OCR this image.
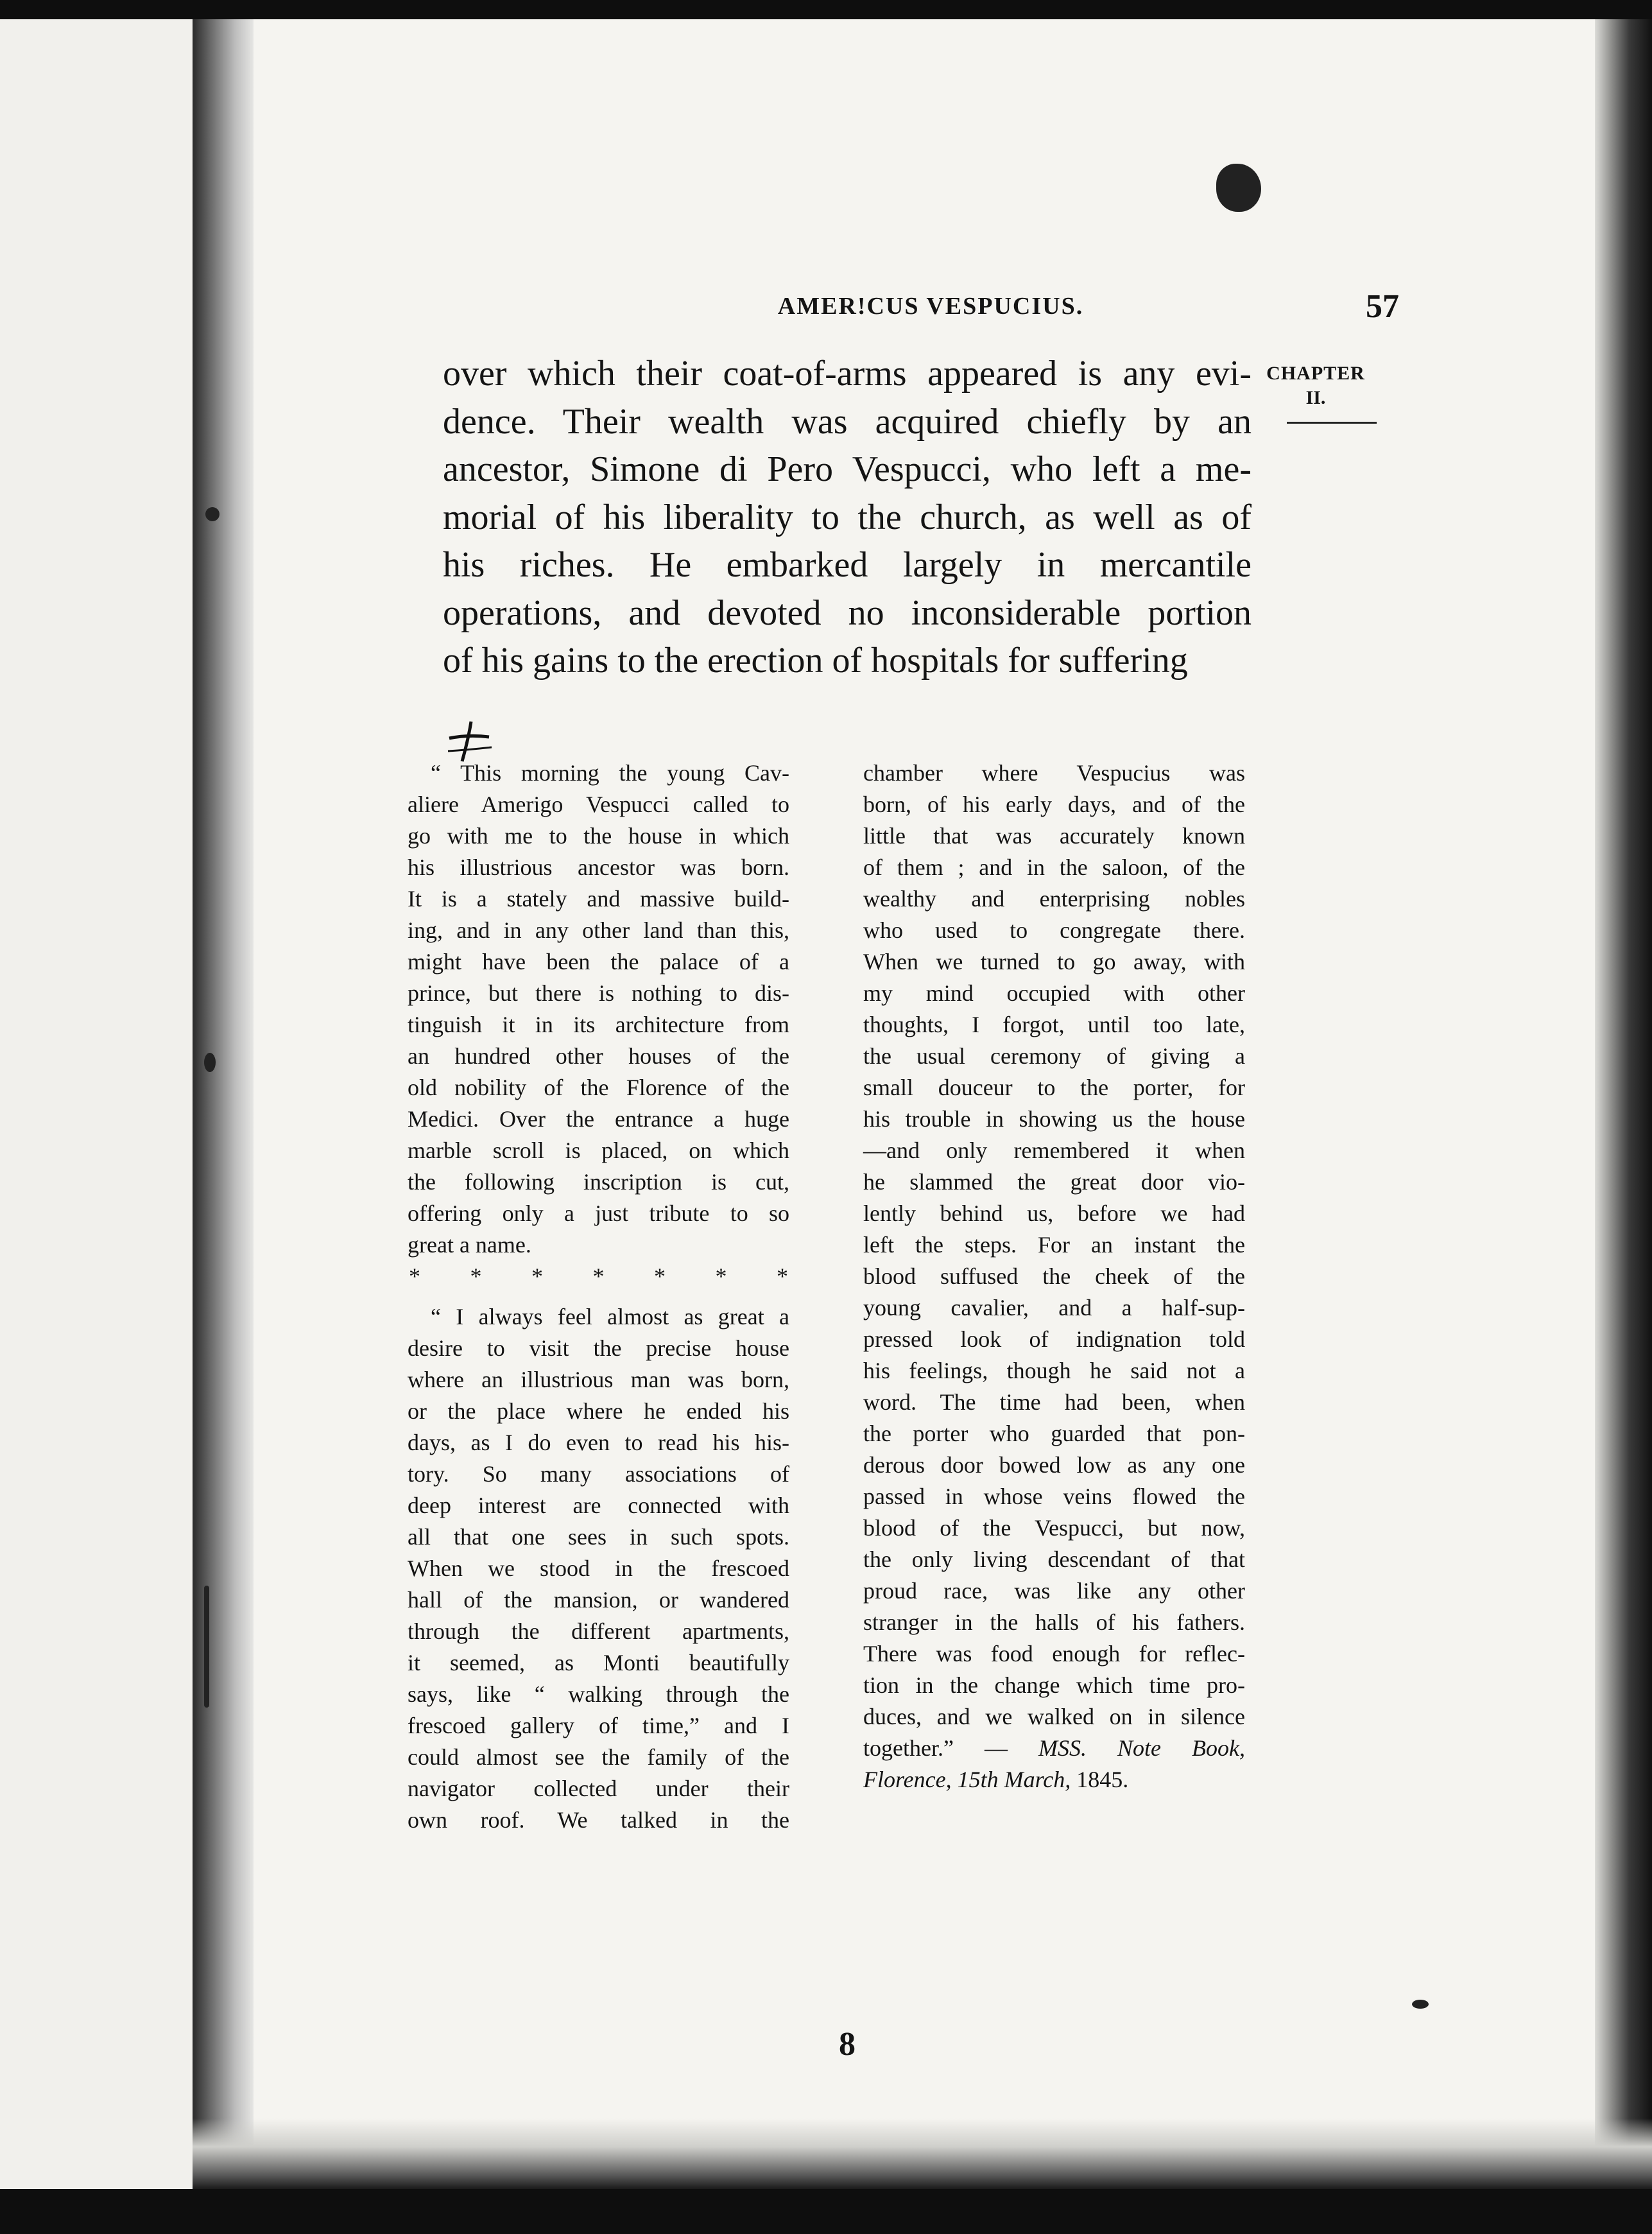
AMER!CUS VESPUCIUS.	57
over which their coat-of-arms appeared is any evi-
dence. Their wealth was acquired chiefly by an
ancestor, Simone di Pero Vespucci, who left a me-
morial of his liberality to the church, as well as of
his riches. He embarked largely in mercantile
operations, and devoted no inconsiderable portion
of his gains to the erection of hospitals for suffering
CHAPTER
II.
“ This morning the young Cav-
aliere Amerigo Vespucci called to
go with me to the house in which
his illustrious ancestor was born.
It is a stately and massive build-
ing, and in any other land than this,
might have been the palace of a
prince, but there is nothing to dis-
tinguish it in its architecture from
an hundred other houses of the
old nobility of the Florence of the
Medici. Over the entrance a huge
marble scroll is placed, on which
the following inscription is cut,
offering only a just tribute to so
great a name.
* * * * * * *
“ I always feel almost as great a
desire to visit the precise house
where an illustrious man was born,
or the place where he ended his
days, as I do even to read his his-
tory. So many associations of
deep interest are connected with
all that one sees in such spots.
When we stood in the frescoed
hall of the mansion, or wandered
through the different apartments,
it seemed, as Monti beautifully
says, like “ walking through the
frescoed gallery of time,” and I
could almost see the family of the
navigator collected under their
own roof. We talked in the
chamber where Vespucius was
born, of his early days, and of the
little that was accurately known
of them ; and in the saloon, of the
wealthy and enterprising nobles
who used to congregate there.
When we turned to go away, with
my mind occupied with other
thoughts, I forgot, until too late,
the usual ceremony of giving a
small douceur to the porter, for
his trouble in showing us the house
—and only remembered it when
he slammed the great door vio-
lently behind us, before we had
left the steps. For an instant the
blood suffused the cheek of the
young cavalier, and a half-sup-
pressed look of indignation told
his feelings, though he said not a
word. The time had been, when
the porter who guarded that pon-
derous door bowed low as any one
passed in whose veins flowed the
blood of the Vespucci, but now,
the only living descendant of that
proud race, was like any other
stranger in the halls of his fathers.
There was food enough for reflec-
tion in the change which time pro-
duces, and we walked on in silence
together.” — MSS. Note Book,
Florence, 15th March, 1845.
8
